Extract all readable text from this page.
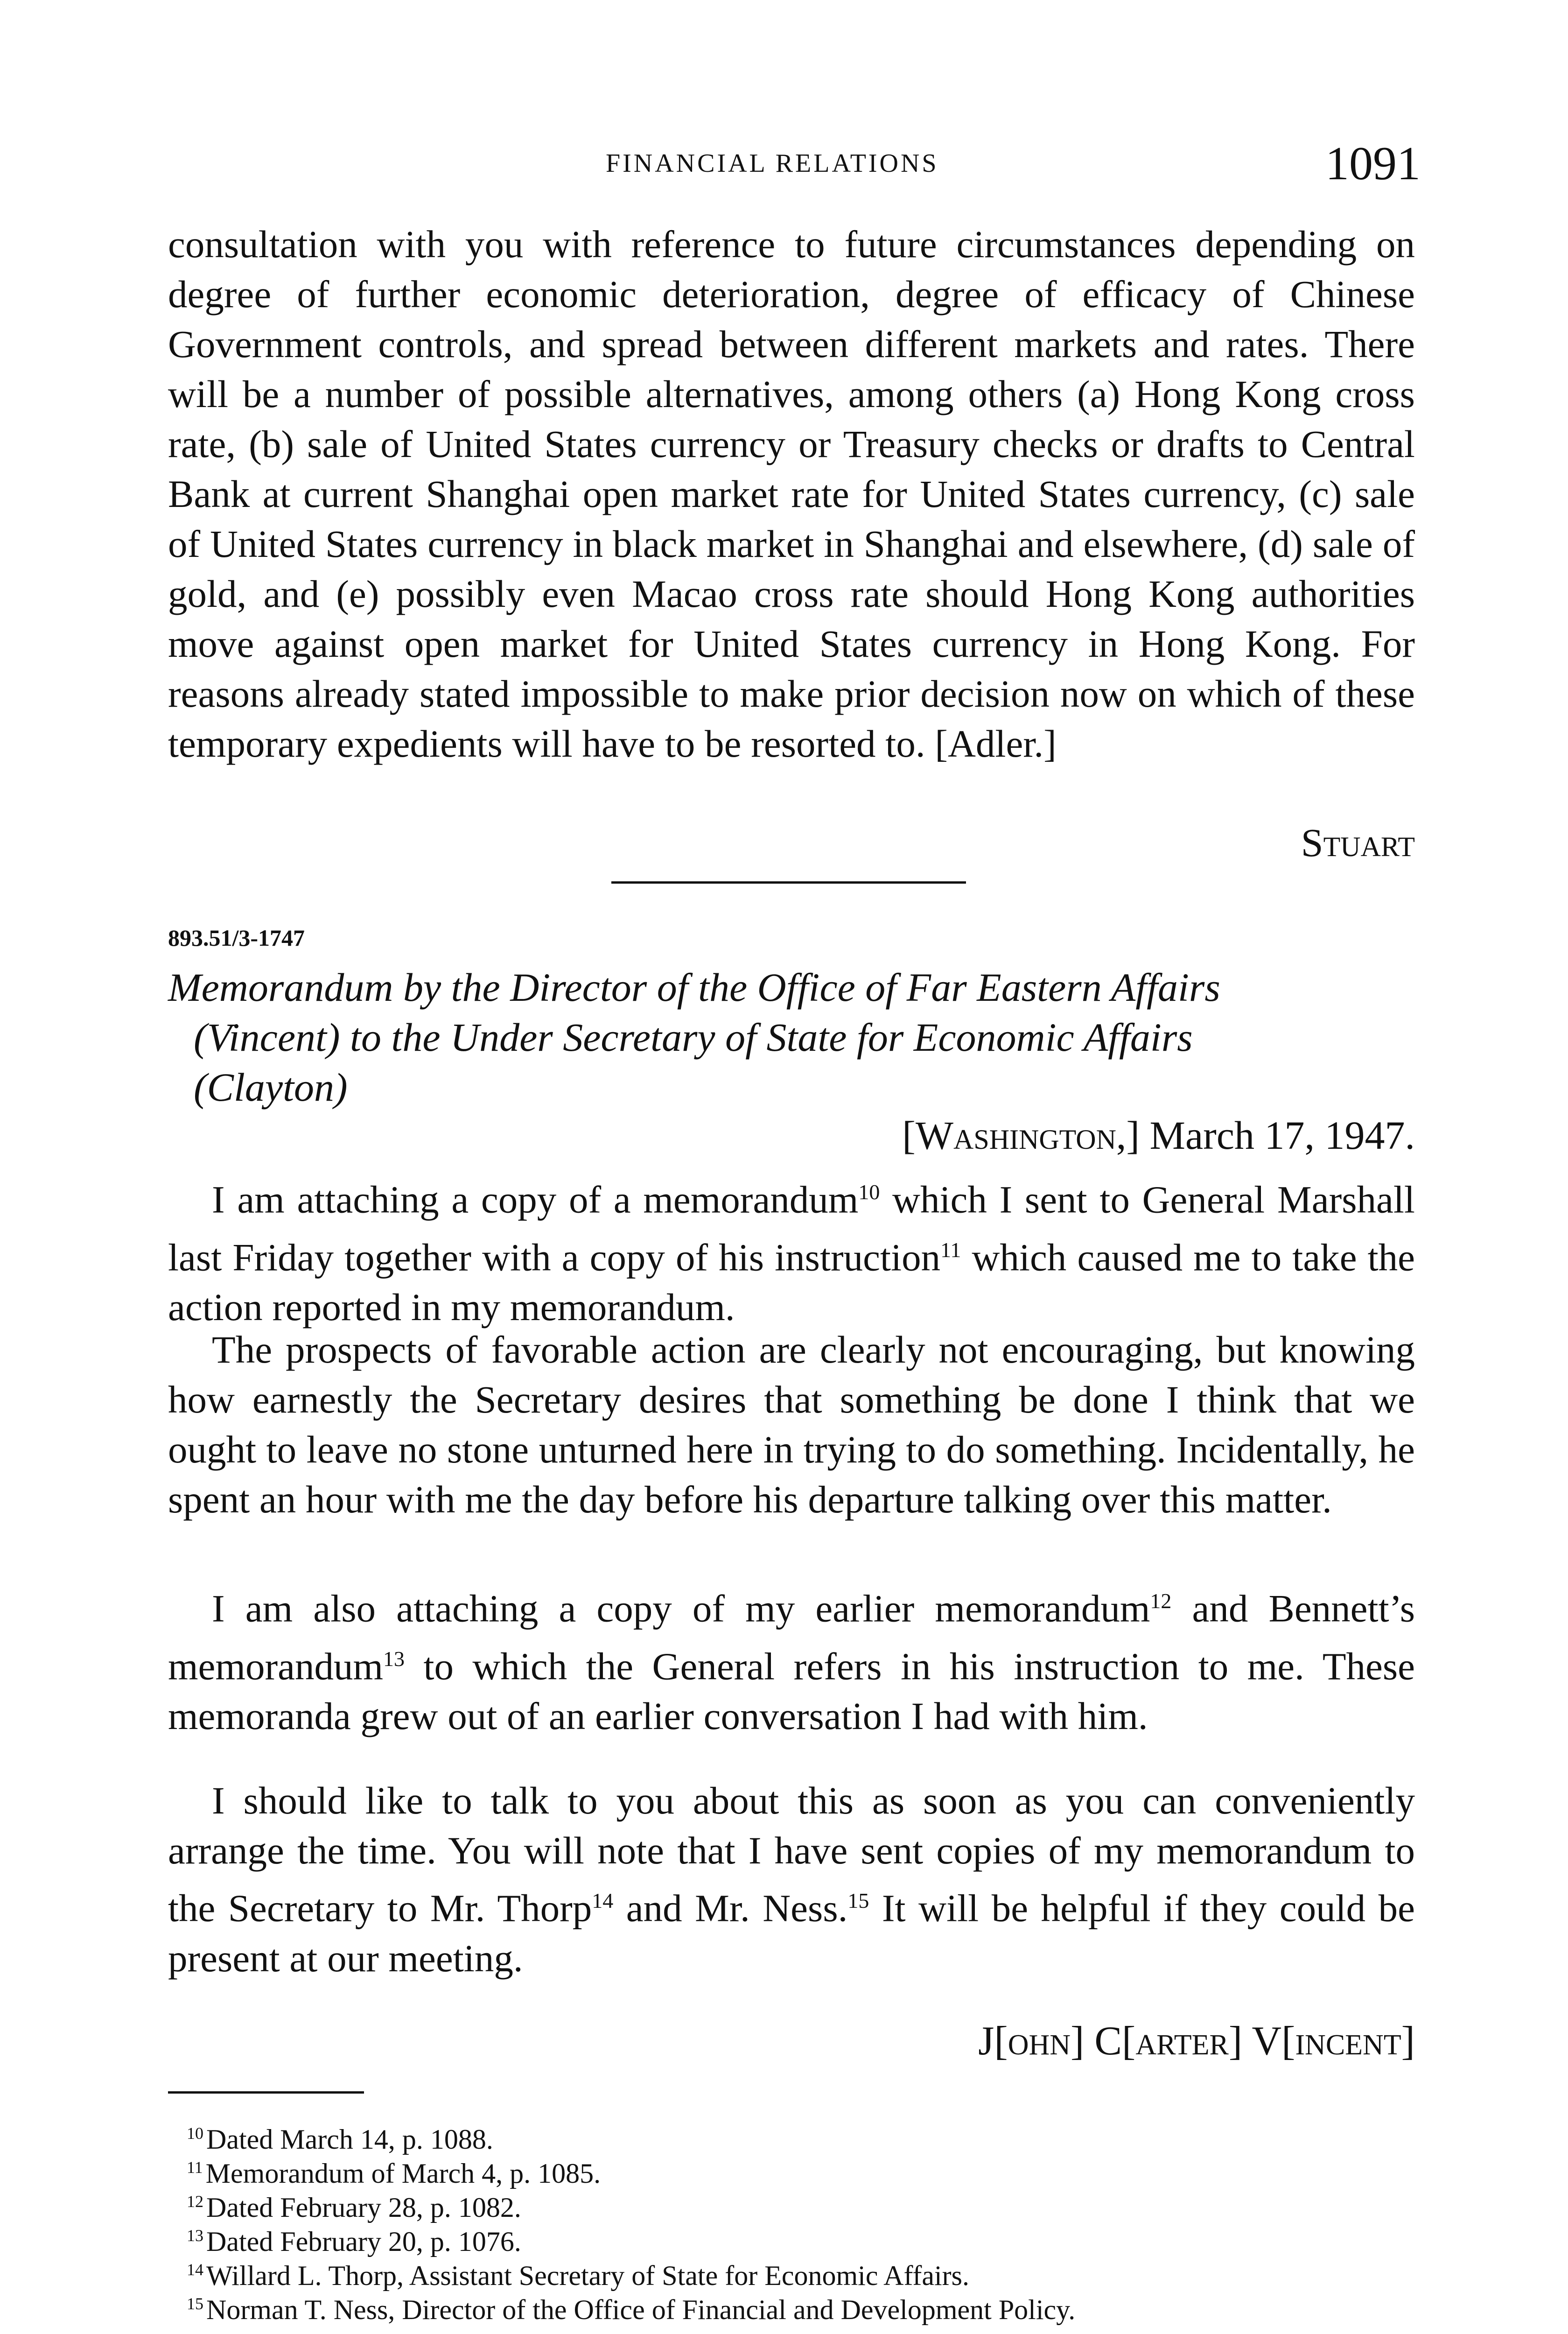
FINANCIAL RELATIONS	1091
consultation with you with reference to future circumstances depending on degree of further economic deterioration, degree of efficacy of Chinese Government controls, and spread between different markets and rates. There will be a number of possible alternatives, among others (a) Hong Kong cross rate, (b) sale of United States currency or Treasury checks or drafts to Central Bank at current Shanghai open market rate for United States currency, (c) sale of United States currency in black market in Shanghai and elsewhere, (d) sale of gold, and (e) possibly even Macao cross rate should Hong Kong authorities move against open market for United States currency in Hong Kong. For reasons already stated impossible to make prior decision now on which of these temporary expedients will have to be resorted to. [Adler.]
Stuart
893.51/3-1747
Memorandum by the Director of the Office of Far Eastern Affairs
(Vincent) to the Under Secretary of State for Economic Affairs
(Clayton)
[Washington,] March 17, 1947.
I am attaching a copy of a memorandum$^{10}$ which I sent to General Marshall last Friday together with a copy of his instruction$^{11}$ which caused me to take the action reported in my memorandum.
The prospects of favorable action are clearly not encouraging, but knowing how earnestly the Secretary desires that something be done I think that we ought to leave no stone unturned here in trying to do something. Incidentally, he spent an hour with me the day before his departure talking over this matter.
I am also attaching a copy of my earlier memorandum$^{12}$ and Bennett’s memorandum$^{13}$ to which the General refers in his instruction to me. These memoranda grew out of an earlier conversation I had with him.
I should like to talk to you about this as soon as you can conveniently arrange the time. You will note that I have sent copies of my memorandum to the Secretary to Mr. Thorp$^{14}$ and Mr. Ness.$^{15}$ It will be helpful if they could be present at our meeting.
J[ohn] C[arter] V[incent]
$^{10}$ Dated March 14, p. 1088.
$^{11}$ Memorandum of March 4, p. 1085.
$^{12}$ Dated February 28, p. 1082.
$^{13}$ Dated February 20, p. 1076.
$^{14}$ Willard L. Thorp, Assistant Secretary of State for Economic Affairs.
$^{15}$ Norman T. Ness, Director of the Office of Financial and Development Policy.
